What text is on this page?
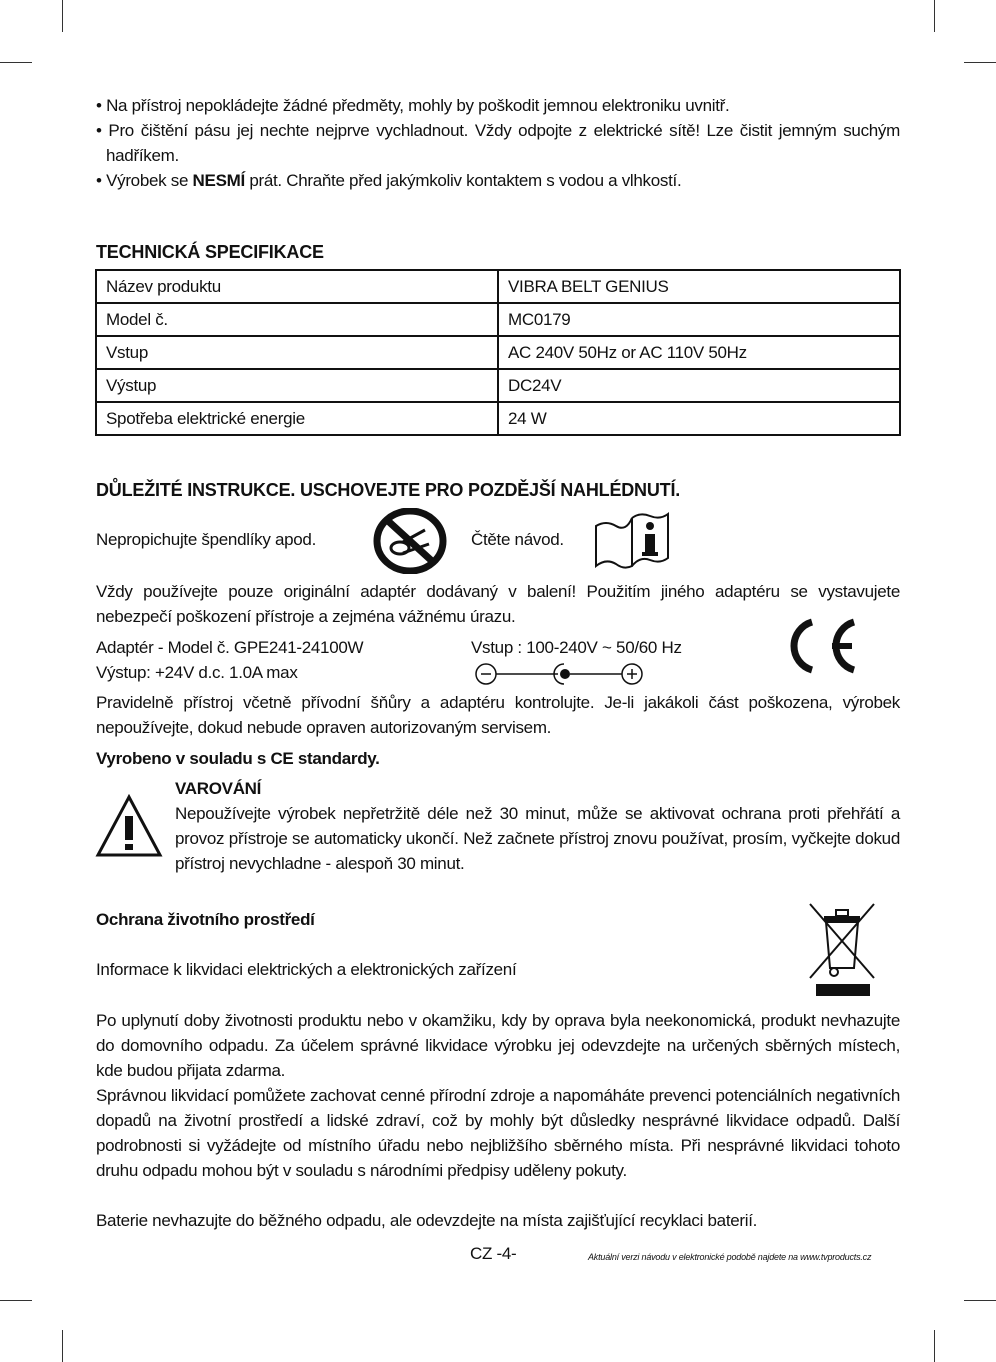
• Na přístroj nepokládejte žádné předměty, mohly by poškodit jemnou elektroniku uvnitř.
• Pro čištění pásu jej nechte nejprve vychladnout. Vždy odpojte z elektrické sítě! Lze čistit jemným suchým hadříkem.
• Výrobek se NESMÍ prát. Chraňte před jakýmkoliv kontaktem s vodou a vlhkostí.
TECHNICKÁ SPECIFIKACE
Název produktu	VIBRA BELT GENIUS
Model č.	MC0179
Vstup	AC 240V 50Hz or AC 110V 50Hz
Výstup	DC24V
Spotřeba elektrické energie	24 W
DŮLEŽITÉ INSTRUKCE. USCHOVEJTE PRO POZDĚJŠÍ NAHLÉDNUTÍ.
Nepropichujte špendlíky apod.	Čtěte návod.
Vždy používejte pouze originální adaptér dodávaný v balení! Použitím jiného adaptéru se vystavujete nebezpečí poškození přístroje a zejména vážnému úrazu.
Adaptér - Model č. GPE241-24100W
Výstup: +24V d.c. 1.0A max
Vstup : 100-240V ~ 50/60 Hz
Pravidelně přístroj včetně přívodní šňůry a adaptéru kontrolujte. Je-li jakákoli část poškozena, výrobek nepoužívejte, dokud nebude opraven autorizovaným servisem.
Vyrobeno v souladu s CE standardy.
VAROVÁNÍ
Nepoužívejte výrobek nepřetržitě déle než 30 minut, může se aktivovat ochrana proti přehřátí a provoz přístroje se automaticky ukončí. Než začnete přístroj znovu používat, prosím, vyčkejte dokud přístroj nevychladne - alespoň 30 minut.
Ochrana životního prostředí
Informace k likvidaci elektrických a elektronických zařízení
Po uplynutí doby životnosti produktu nebo v okamžiku, kdy by oprava byla neekonomická, produkt nevhazujte do domovního odpadu. Za účelem správné likvidace výrobku jej odevzdejte na určených sběrných místech, kde budou přijata zdarma.
Správnou likvidací pomůžete zachovat cenné přírodní zdroje a napomáháte prevenci potenciálních negativních dopadů na životní prostředí a lidské zdraví, což by mohly být důsledky nesprávné likvidace odpadů. Další podrobnosti si vyžádejte od místního úřadu nebo nejbližšího sběrného místa. Při nesprávné likvidaci tohoto druhu odpadu mohou být v souladu s národními předpisy uděleny pokuty.
Baterie nevhazujte do běžného odpadu, ale odevzdejte na místa zajišťující recyklaci baterií.
CZ -4-	Aktuální verzi návodu v elektronické podobě najdete na www.tvproducts.cz
